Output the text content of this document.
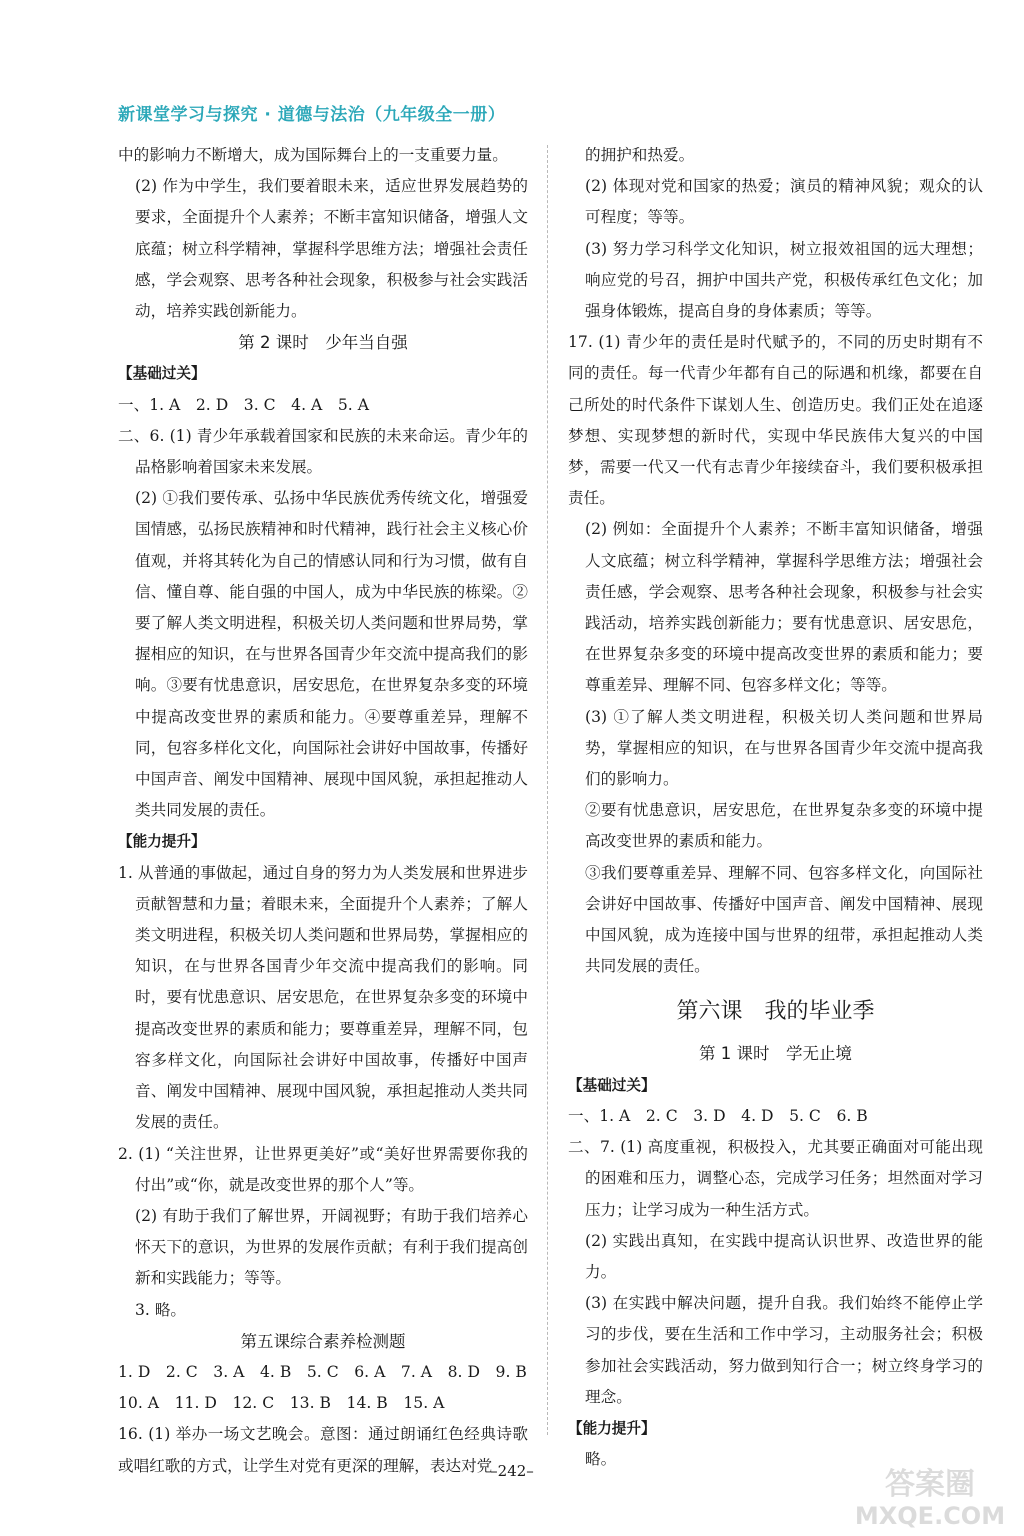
新课堂学习与探究 · 道德与法治（九年级全一册）
中的影响力不断增大，成为国际舞台上的一支重要力量。
(2) 作为中学生，我们要着眼未来，适应世界发展趋势的要求，全面提升个人素养；不断丰富知识储备，增强人文底蕴；树立科学精神，掌握科学思维方法；增强社会责任感，学会观察、思考各种社会现象，积极参与社会实践活动，培养实践创新能力。
第 2 课时　少年当自强
【基础过关】
一、1. A　2. D　3. C　4. A　5. A
二、6. (1) 青少年承载着国家和民族的未来命运。青少年的品格影响着国家未来发展。
(2) ①我们要传承、弘扬中华民族优秀传统文化，增强爱国情感，弘扬民族精神和时代精神，践行社会主义核心价值观，并将其转化为自己的情感认同和行为习惯，做有自信、懂自尊、能自强的中国人，成为中华民族的栋梁。②要了解人类文明进程，积极关切人类问题和世界局势，掌握相应的知识，在与世界各国青少年交流中提高我们的影响。③要有忧患意识，居安思危，在世界复杂多变的环境中提高改变世界的素质和能力。④要尊重差异，理解不同，包容多样化文化，向国际社会讲好中国故事，传播好中国声音、阐发中国精神、展现中国风貌，承担起推动人类共同发展的责任。
【能力提升】
1. 从普通的事做起，通过自身的努力为人类发展和世界进步贡献智慧和力量；着眼未来，全面提升个人素养；了解人类文明进程，积极关切人类问题和世界局势，掌握相应的知识，在与世界各国青少年交流中提高我们的影响。同时，要有忧患意识、居安思危，在世界复杂多变的环境中提高改变世界的素质和能力；要尊重差异，理解不同，包容多样文化，向国际社会讲好中国故事，传播好中国声音、阐发中国精神、展现中国风貌，承担起推动人类共同发展的责任。
2. (1) “关注世界，让世界更美好”或“美好世界需要你我的付出”或“你，就是改变世界的那个人”等。
(2) 有助于我们了解世界，开阔视野；有助于我们培养心怀天下的意识，为世界的发展作贡献；有利于我们提高创新和实践能力；等等。
3. 略。
第五课综合素养检测题
1. D　2. C　3. A　4. B　5. C　6. A　7. A　8. D　9. B
10. A　11. D　12. C　13. B　14. B　15. A
16. (1) 举办一场文艺晚会。意图：通过朗诵红色经典诗歌或唱红歌的方式，让学生对党有更深的理解，表达对党
的拥护和热爱。
(2) 体现对党和国家的热爱；演员的精神风貌；观众的认可程度；等等。
(3) 努力学习科学文化知识，树立报效祖国的远大理想；响应党的号召，拥护中国共产党，积极传承红色文化；加强身体锻炼，提高自身的身体素质；等等。
17. (1) 青少年的责任是时代赋予的，不同的历史时期有不同的责任。每一代青少年都有自己的际遇和机缘，都要在自己所处的时代条件下谋划人生、创造历史。我们正处在追逐梦想、实现梦想的新时代，实现中华民族伟大复兴的中国梦，需要一代又一代有志青少年接续奋斗，我们要积极承担责任。
(2) 例如：全面提升个人素养；不断丰富知识储备，增强人文底蕴；树立科学精神，掌握科学思维方法；增强社会责任感，学会观察、思考各种社会现象，积极参与社会实践活动，培养实践创新能力；要有忧患意识、居安思危，在世界复杂多变的环境中提高改变世界的素质和能力；要尊重差异、理解不同、包容多样文化；等等。
(3) ①了解人类文明进程，积极关切人类问题和世界局势，掌握相应的知识，在与世界各国青少年交流中提高我们的影响力。
②要有忧患意识，居安思危，在世界复杂多变的环境中提高改变世界的素质和能力。
③我们要尊重差异、理解不同、包容多样文化，向国际社会讲好中国故事、传播好中国声音、阐发中国精神、展现中国风貌，成为连接中国与世界的纽带，承担起推动人类共同发展的责任。
第六课　我的毕业季
第 1 课时　学无止境
【基础过关】
一、1. A　2. C　3. D　4. D　5. C　6. B
二、7. (1) 高度重视，积极投入，尤其要正确面对可能出现的困难和压力，调整心态，完成学习任务；坦然面对学习压力；让学习成为一种生活方式。
(2) 实践出真知，在实践中提高认识世界、改造世界的能力。
(3) 在实践中解决问题，提升自我。我们始终不能停止学习的步伐，要在生活和工作中学习，主动服务社会；积极参加社会实践活动，努力做到知行合一；树立终身学习的理念。
【能力提升】
略。
–242–	答案圈
MXQE.COM
